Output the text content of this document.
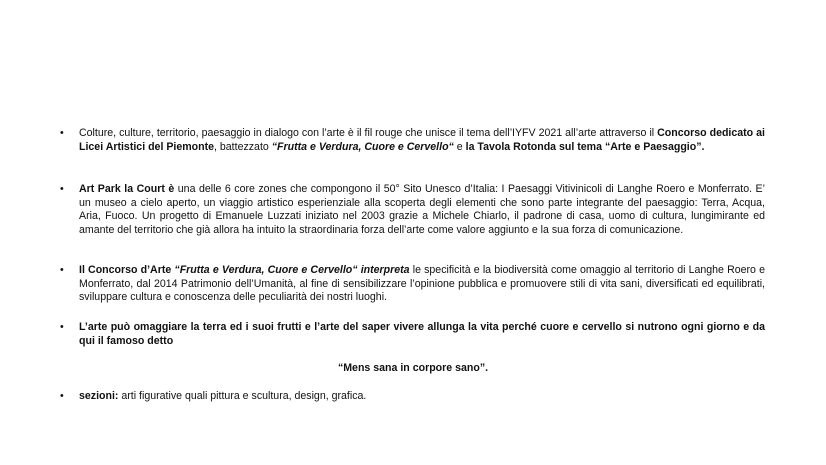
•	Colture, culture, territorio, paesaggio in dialogo con l’arte è il fil rouge che unisce il tema dell’IYFV 2021 all’arte attraverso il Concorso dedicato ai Licei Artistici del Piemonte, battezzato “Frutta e Verdura, Cuore e Cervello“ e la Tavola Rotonda sul tema “Arte e Paesaggio”.
•	Art Park la Court è una delle 6 core zones che compongono il 50° Sito Unesco d’Italia: I Paesaggi Vitivinicoli di Langhe Roero e Monferrato. E’ un museo a cielo aperto, un viaggio artistico esperienziale alla scoperta degli elementi che sono parte integrante del paesaggio: Terra, Acqua, Aria, Fuoco. Un progetto di Emanuele Luzzati iniziato nel 2003 grazie a Michele Chiarlo, il padrone di casa, uomo di cultura, lungimirante ed amante del territorio che già allora ha intuito la straordinaria forza dell’arte come valore aggiunto e la sua forza di comunicazione.
•	Il Concorso d’Arte “Frutta e Verdura, Cuore e Cervello“ interpreta le specificità e la biodiversità come omaggio al territorio di Langhe Roero e Monferrato, dal 2014 Patrimonio dell’Umanità, al fine di sensibilizzare l’opinione pubblica e promuovere stili di vita sani, diversificati ed equilibrati, sviluppare cultura e conoscenza delle peculiarità dei nostri luoghi.
•	L’arte può omaggiare la terra ed i suoi frutti e l’arte del saper vivere allunga la vita perché cuore e cervello si nutrono ogni giorno e da qui il famoso detto
•	sezioni: arti figurative quali pittura e scultura, design, grafica.
“Mens sana in corpore sano”.
